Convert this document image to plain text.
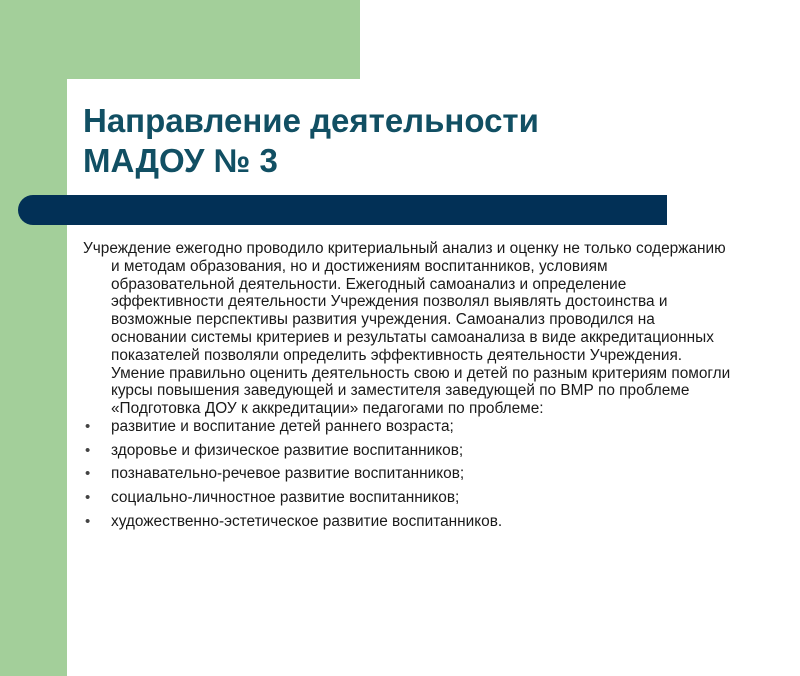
Направление деятельности
МАДОУ № 3

Учреждение ежегодно проводило критериальный анализ и оценку не только содержанию и методам образования, но и достижениям воспитанников, условиям образовательной деятельности. Ежегодный самоанализ и определение эффективности деятельности Учреждения позволял выявлять достоинства и возможные перспективы развития учреждения. Самоанализ проводился на основании системы критериев и результаты самоанализа в виде аккредитационных показателей позволяли определить эффективность деятельности Учреждения. Умение правильно оценить деятельность свою и детей по разным критериям помогли курсы повышения заведующей и заместителя заведующей по ВМР по проблеме «Подготовка ДОУ к аккредитации» педагогами по проблеме:

•	развитие и воспитание детей раннего возраста;
•	здоровье и физическое развитие воспитанников;
•	познавательно-речевое развитие воспитанников;
•	социально-личностное развитие воспитанников;
•	художественно-эстетическое развитие воспитанников.
